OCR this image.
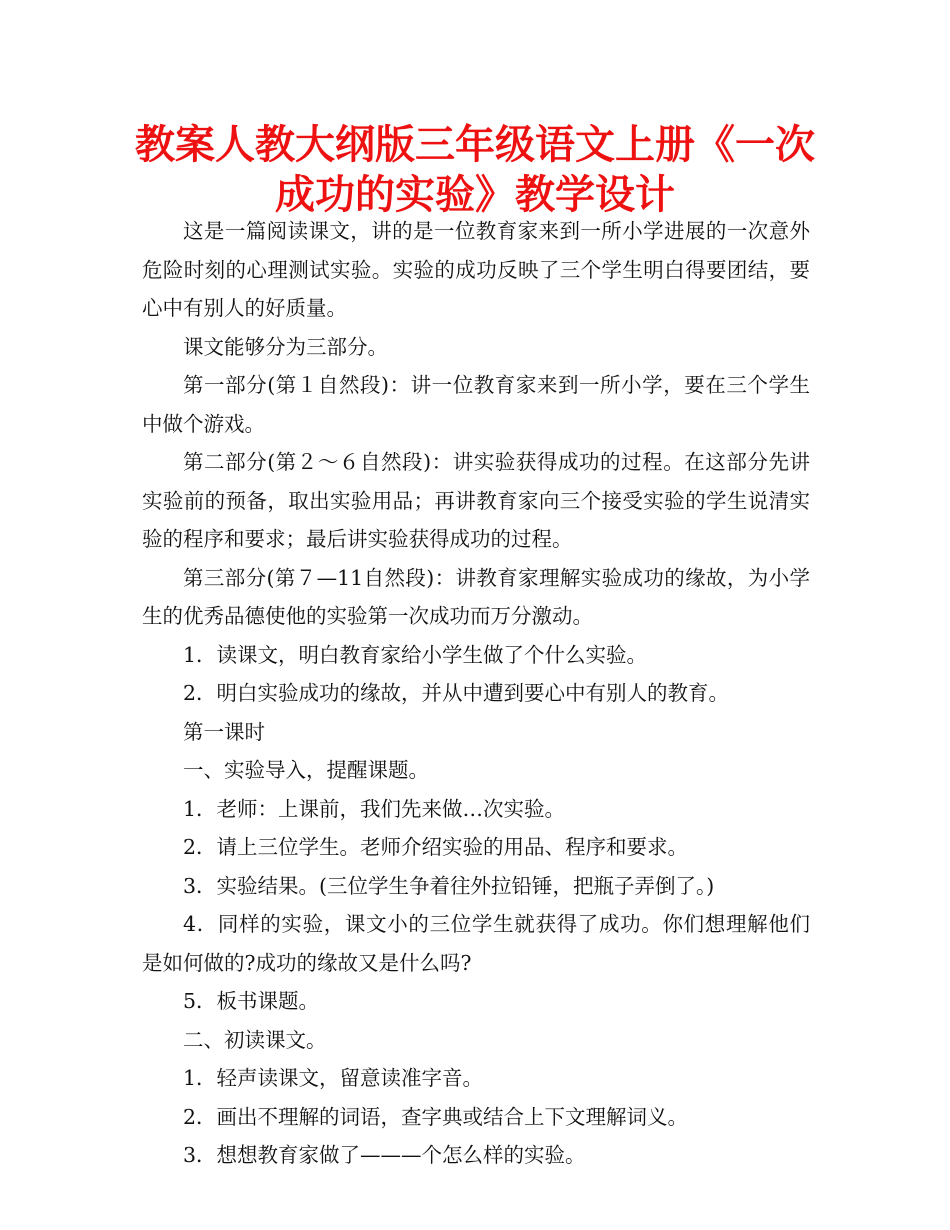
教案人教大纲版三年级语文上册《一次成功的实验》教学设计

这是一篇阅读课文，讲的是一位教育家来到一所小学进展的一次意外危险时刻的心理测试实验。实验的成功反映了三个学生明白得要团结，要心中有别人的好质量。

课文能够分为三部分。

第一部分(第１自然段)：讲一位教育家来到一所小学，要在三个学生中做个游戏。

第二部分(第２～６自然段)：讲实验获得成功的过程。在这部分先讲实验前的预备，取出实验用品；再讲教育家向三个接受实验的学生说清实验的程序和要求；最后讲实验获得成功的过程。

第三部分(第７—11自然段)：讲教育家理解实验成功的缘故，为小学生的优秀品德使他的实验第一次成功而万分激动。

1．读课文，明白教育家给小学生做了个什么实验。

2．明白实验成功的缘故，并从中遭到要心中有别人的教育。

第一课时

一、实验导入，提醒课题。

1．老师：上课前，我们先来做…次实验。

2．请上三位学生。老师介绍实验的用品、程序和要求。

3．实验结果。(三位学生争着往外拉铅锤，把瓶子弄倒了。)

4．同样的实验，课文小的三位学生就获得了成功。你们想理解他们是如何做的?成功的缘故又是什么吗?

5．板书课题。

二、初读课文。

1．轻声读课文，留意读准字音。

2．画出不理解的词语，查字典或结合上下文理解词义。

3．想想教育家做了———个怎么样的实验。
